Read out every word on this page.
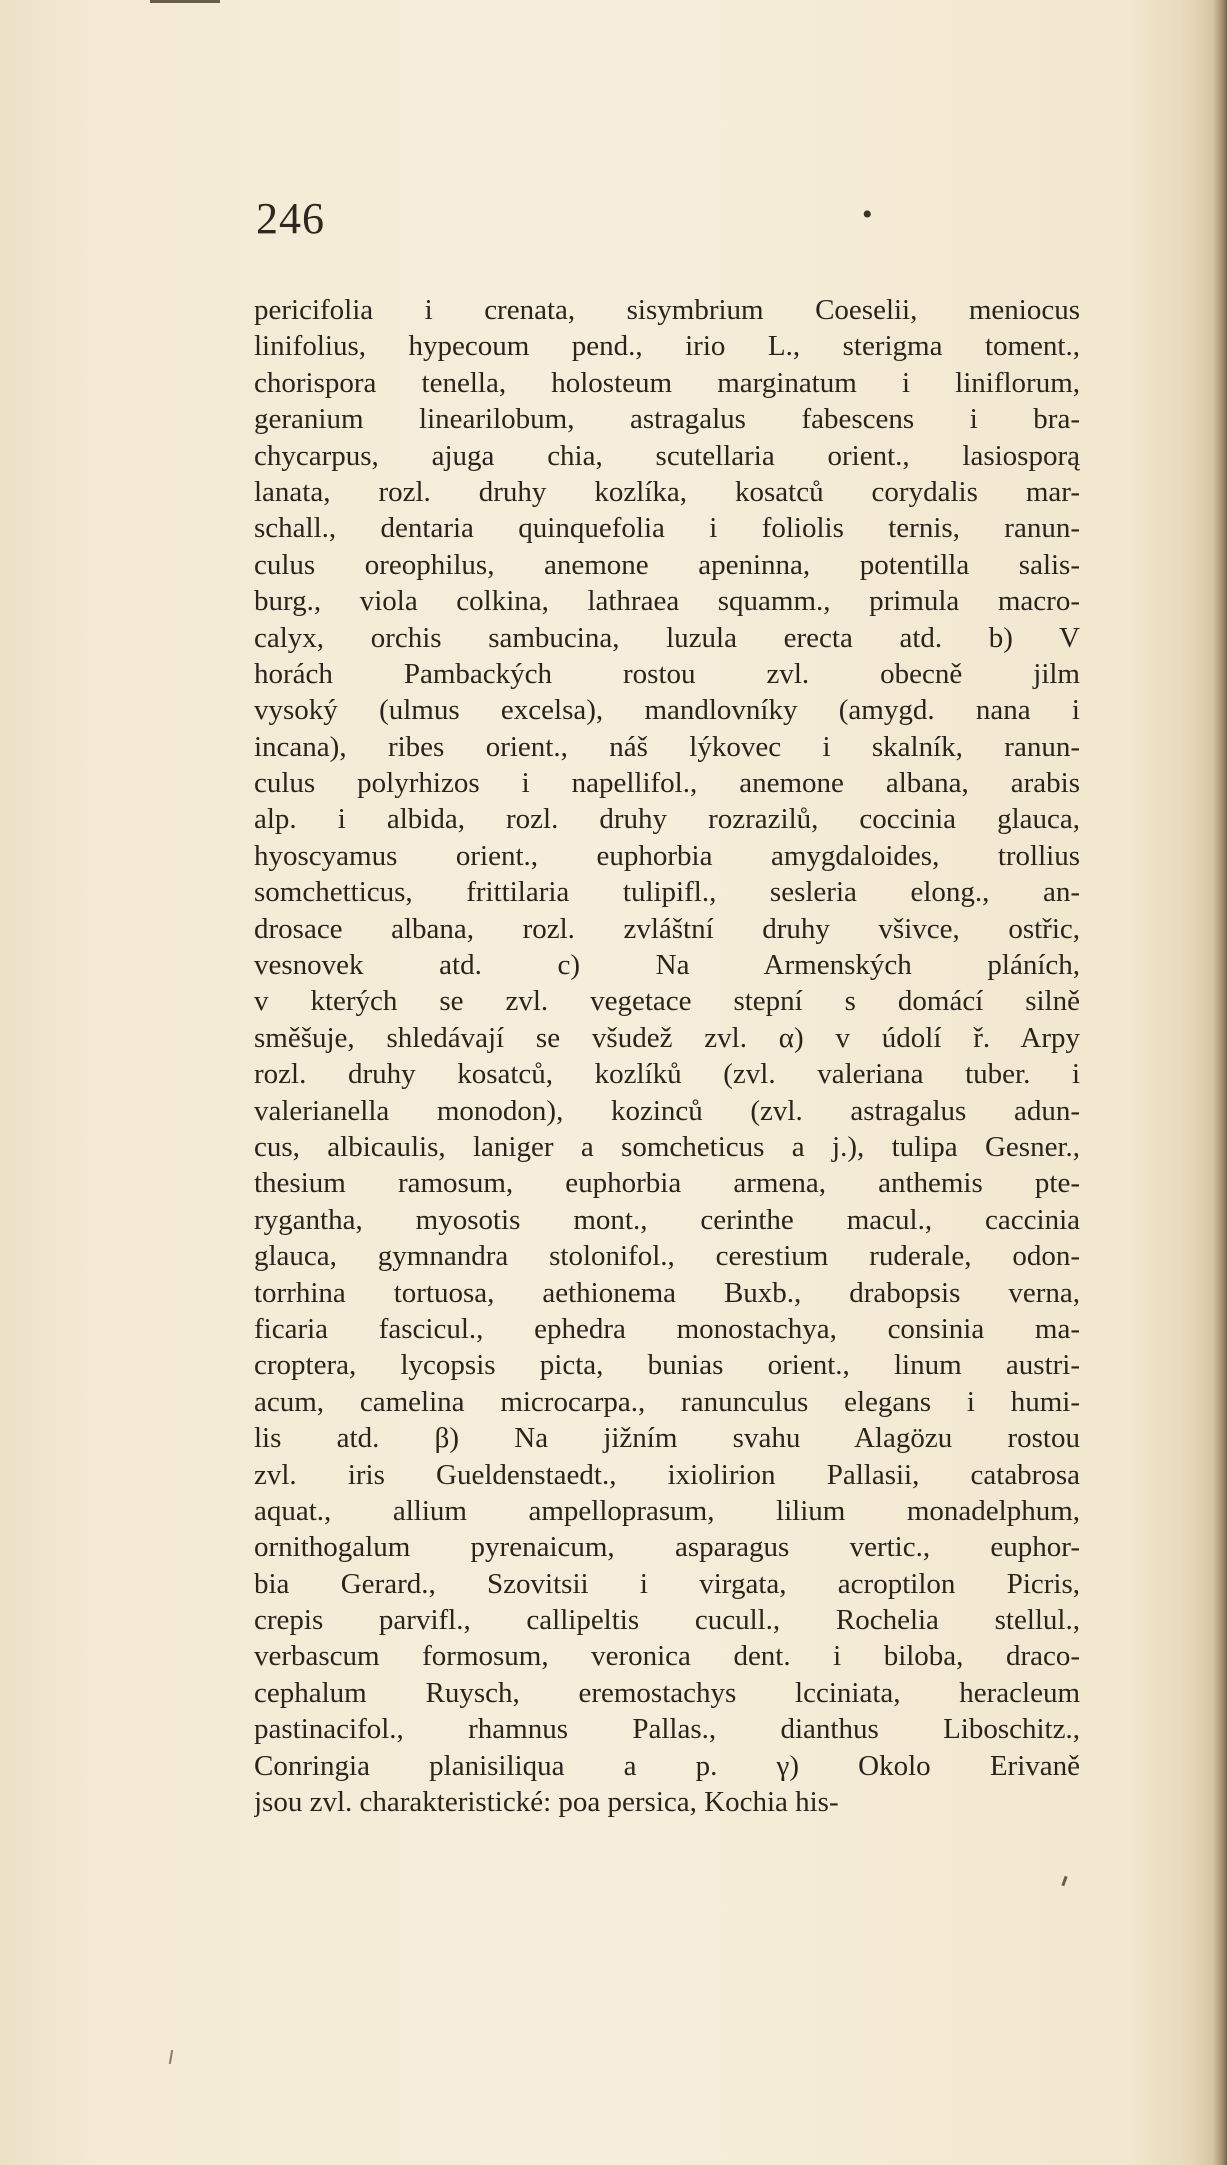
246	•
pericifolia i crenata, sisymbrium Coeselii, meniocus
linifolius, hypecoum pend., irio L., sterigma toment.,
chorispora tenella, holosteum marginatum i liniflorum,
geranium linearilobum, astragalus fabescens i bra-
chycarpus, ajuga chia, scutellaria orient., lasiosporą
lanata, rozl. druhy kozlíka, kosatců corydalis mar-
schall., dentaria quinquefolia i foliolis ternis, ranun-
culus oreophilus, anemone apeninna, potentilla salis-
burg., viola colkina, lathraea squamm., primula macro-
calyx, orchis sambucina, luzula erecta atd. b) V
horách Pambackých rostou zvl. obecně jilm
vysoký (ulmus excelsa), mandlovníky (amygd. nana i
incana), ribes orient., náš lýkovec i skalník, ranun-
culus polyrhizos i napellifol., anemone albana, arabis
alp. i albida, rozl. druhy rozrazilů, coccinia glauca,
hyoscyamus orient., euphorbia amygdaloides, trollius
somchetticus, frittilaria tulipifl., sesleria elong., an-
drosace albana, rozl. zvláštní druhy všivce, ostřic,
vesnovek atd. c) Na Armenských pláních,
v kterých se zvl. vegetace stepní s domácí silně
směšuje, shledávají se všudež zvl. α) v údolí ř. Arpy
rozl. druhy kosatců, kozlíků (zvl. valeriana tuber. i
valerianella monodon), kozinců (zvl. astragalus adun-
cus, albicaulis, laniger a somcheticus a j.), tulipa Gesner.,
thesium ramosum, euphorbia armena, anthemis pte-
rygantha, myosotis mont., cerinthe macul., caccinia
glauca, gymnandra stolonifol., cerestium ruderale, odon-
torrhina tortuosa, aethionema Buxb., drabopsis verna,
ficaria fascicul., ephedra monostachya, consinia ma-
croptera, lycopsis picta, bunias orient., linum austri-
acum, camelina microcarpa., ranunculus elegans i humi-
lis atd. β) Na jižním svahu Alagözu rostou
zvl. iris Gueldenstaedt., ixiolirion Pallasii, catabrosa
aquat., allium ampelloprasum, lilium monadelphum,
ornithogalum pyrenaicum, asparagus vertic., euphor-
bia Gerard., Szovitsii i virgata, acroptilon Picris,
crepis parvifl., callipeltis cucull., Rochelia stellul.,
verbascum formosum, veronica dent. i biloba, draco-
cephalum Ruysch, eremostachys lcciniata, heracleum
pastinacifol., rhamnus Pallas., dianthus Liboschitz.,
Conringia planisiliqua a p. γ) Okolo Erivaně
jsou zvl. charakteristické: poa persica, Kochia his-
